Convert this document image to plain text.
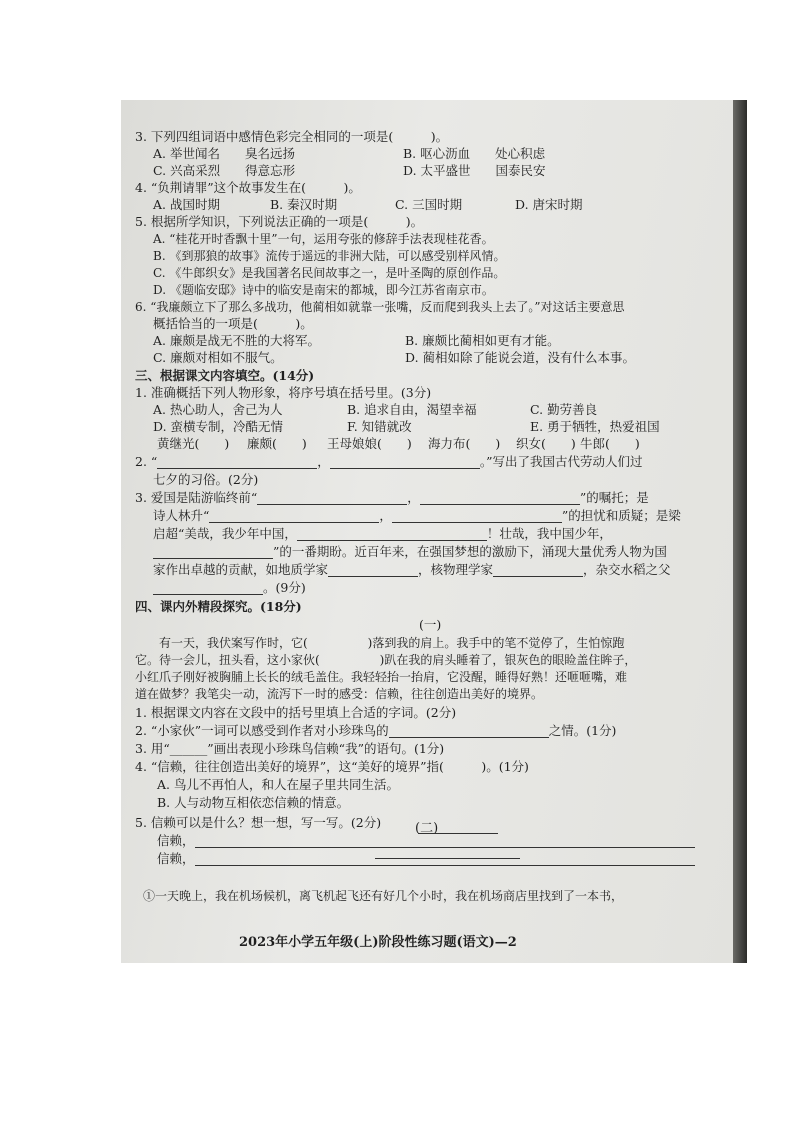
3. 下列四组词语中感情色彩完全相同的一项是(　　　)。
A. 举世闻名　　臭名远扬	B. 呕心沥血　　处心积虑
C. 兴高采烈　　得意忘形	D. 太平盛世　　国泰民安
4. “负荆请罪”这个故事发生在(　　　)。
A. 战国时期	B. 秦汉时期	C. 三国时期	D. 唐宋时期
5. 根据所学知识，下列说法正确的一项是(　　　)。
A. “桂花开时香飘十里”一句，运用夸张的修辞手法表现桂花香。
B. 《到那狼的故事》流传于遥远的非洲大陆，可以感受别样风情。
C. 《牛郎织女》是我国著名民间故事之一，是叶圣陶的原创作品。
D. 《题临安邸》诗中的临安是南宋的都城，即今江苏省南京市。
6. “我廉颇立下了那么多战功，他蔺相如就靠一张嘴，反而爬到我头上去了。”对这话主要意思
概括恰当的一项是(　　　)。
A. 廉颇是战无不胜的大将军。	B. 廉颇比蔺相如更有才能。
C. 廉颇对相如不服气。	D. 蔺相如除了能说会道，没有什么本事。
三、根据课文内容填空。(14分)
1. 准确概括下列人物形象，将序号填在括号里。(3分)
A. 热心助人，舍己为人	B. 追求自由，渴望幸福	C. 勤劳善良
D. 蛮横专制，冷酷无情	F. 知错就改	E. 勇于牺牲，热爱祖国
黄继光(　　) 廉颇(　　) 王母娘娘(　　) 海力布(　　) 织女(　　) 牛郎(　　)
2. “	，	。”写出了我国古代劳动人们过
七夕的习俗。(2分)
3. 爱国是陆游临终前“	，	”的嘱托；是
诗人林升“	，	”的担忧和质疑；是梁
启超“美哉，我少年中国，	！壮哉，我中国少年，
”的一番期盼。近百年来，在强国梦想的激励下，涌现大量优秀人物为国
家作出卓越的贡献，如地质学家	，核物理学家	，杂交水稻之父
。(9分)
四、课内外精段探究。(18分)
(一)
　　有一天，我伏案写作时，它(　　　　　)落到我的肩上。我手中的笔不觉停了，生怕惊跑
它。待一会儿，扭头看，这小家伙(　　　　　)趴在我的肩头睡着了，银灰色的眼睑盖住眸子，
小红爪子刚好被胸脯上长长的绒毛盖住。我轻轻抬一抬肩，它没醒，睡得好熟！还咂咂嘴，难
道在做梦？我笔尖一动，流泻下一时的感受：信赖，往往创造出美好的境界。
1. 根据课文内容在文段中的括号里填上合适的字词。(2分)
2. “小家伙”一词可以感受到作者对小珍珠鸟的	之情。(1分)
3. 用“______”画出表现小珍珠鸟信赖“我”的语句。(1分)
4. “信赖，往往创造出美好的境界”，这“美好的境界”指(　　　)。(1分)
A. 鸟儿不再怕人，和人在屋子里共同生活。
B. 人与动物互相依恋信赖的情意。
5. 信赖可以是什么？想一想，写一写。(2分)
信赖，
信赖，
(二)
①一天晚上，我在机场候机，离飞机起飞还有好几个小时，我在机场商店里找到了一本书，
2023年小学五年级(上)阶段性练习题(语文)—2
